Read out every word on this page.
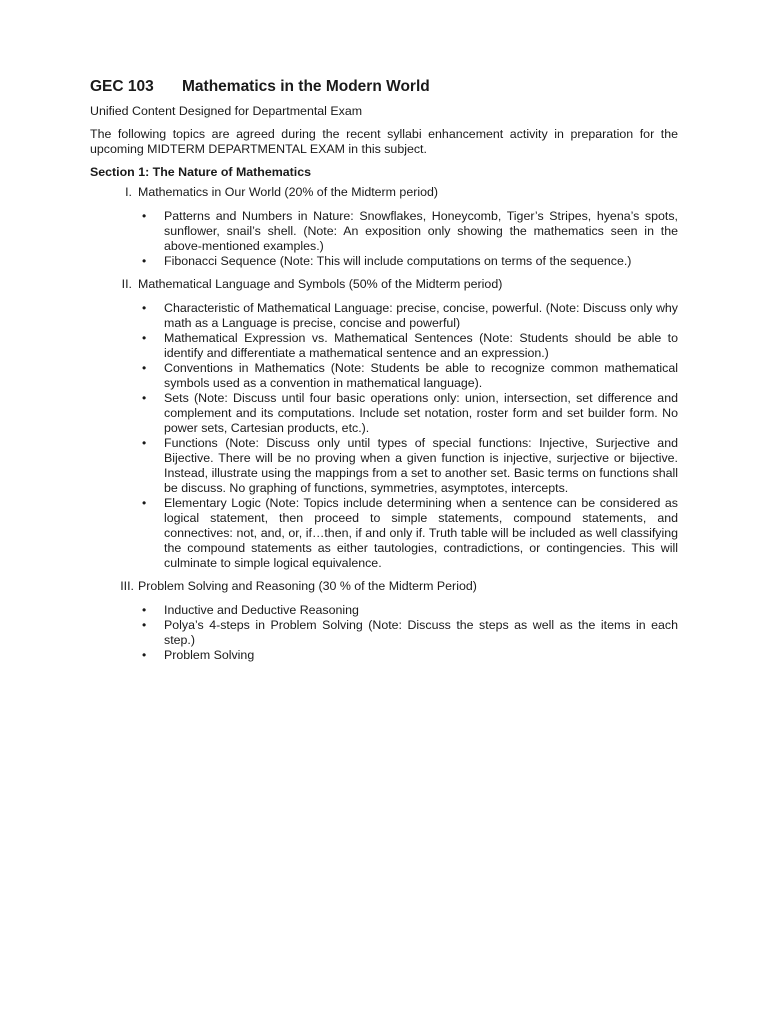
GEC 103 Mathematics in the Modern World

Unified Content Designed for Departmental Exam

The following topics are agreed during the recent syllabi enhancement activity in preparation for the upcoming MIDTERM DEPARTMENTAL EXAM in this subject.

Section 1: The Nature of Mathematics

I. Mathematics in Our World (20% of the Midterm period)
• Patterns and Numbers in Nature: Snowflakes, Honeycomb, Tiger’s Stripes, hyena’s spots, sunflower, snail’s shell. (Note: An exposition only showing the mathematics seen in the above-mentioned examples.)
• Fibonacci Sequence (Note: This will include computations on terms of the sequence.)
II. Mathematical Language and Symbols (50% of the Midterm period)
• Characteristic of Mathematical Language: precise, concise, powerful. (Note: Discuss only why math as a Language is precise, concise and powerful)
• Mathematical Expression vs. Mathematical Sentences (Note: Students should be able to identify and differentiate a mathematical sentence and an expression.)
• Conventions in Mathematics (Note: Students be able to recognize common mathematical symbols used as a convention in mathematical language).
• Sets (Note: Discuss until four basic operations only: union, intersection, set difference and complement and its computations. Include set notation, roster form and set builder form. No power sets, Cartesian products, etc.).
• Functions (Note: Discuss only until types of special functions: Injective, Surjective and Bijective. There will be no proving when a given function is injective, surjective or bijective. Instead, illustrate using the mappings from a set to another set. Basic terms on functions shall be discuss. No graphing of functions, symmetries, asymptotes, intercepts.
• Elementary Logic (Note: Topics include determining when a sentence can be considered as logical statement, then proceed to simple statements, compound statements, and connectives: not, and, or, if…then, if and only if. Truth table will be included as well classifying the compound statements as either tautologies, contradictions, or contingencies. This will culminate to simple logical equivalence.
III. Problem Solving and Reasoning (30 % of the Midterm Period)
• Inductive and Deductive Reasoning
• Polya’s 4-steps in Problem Solving (Note: Discuss the steps as well as the items in each step.)
• Problem Solving
